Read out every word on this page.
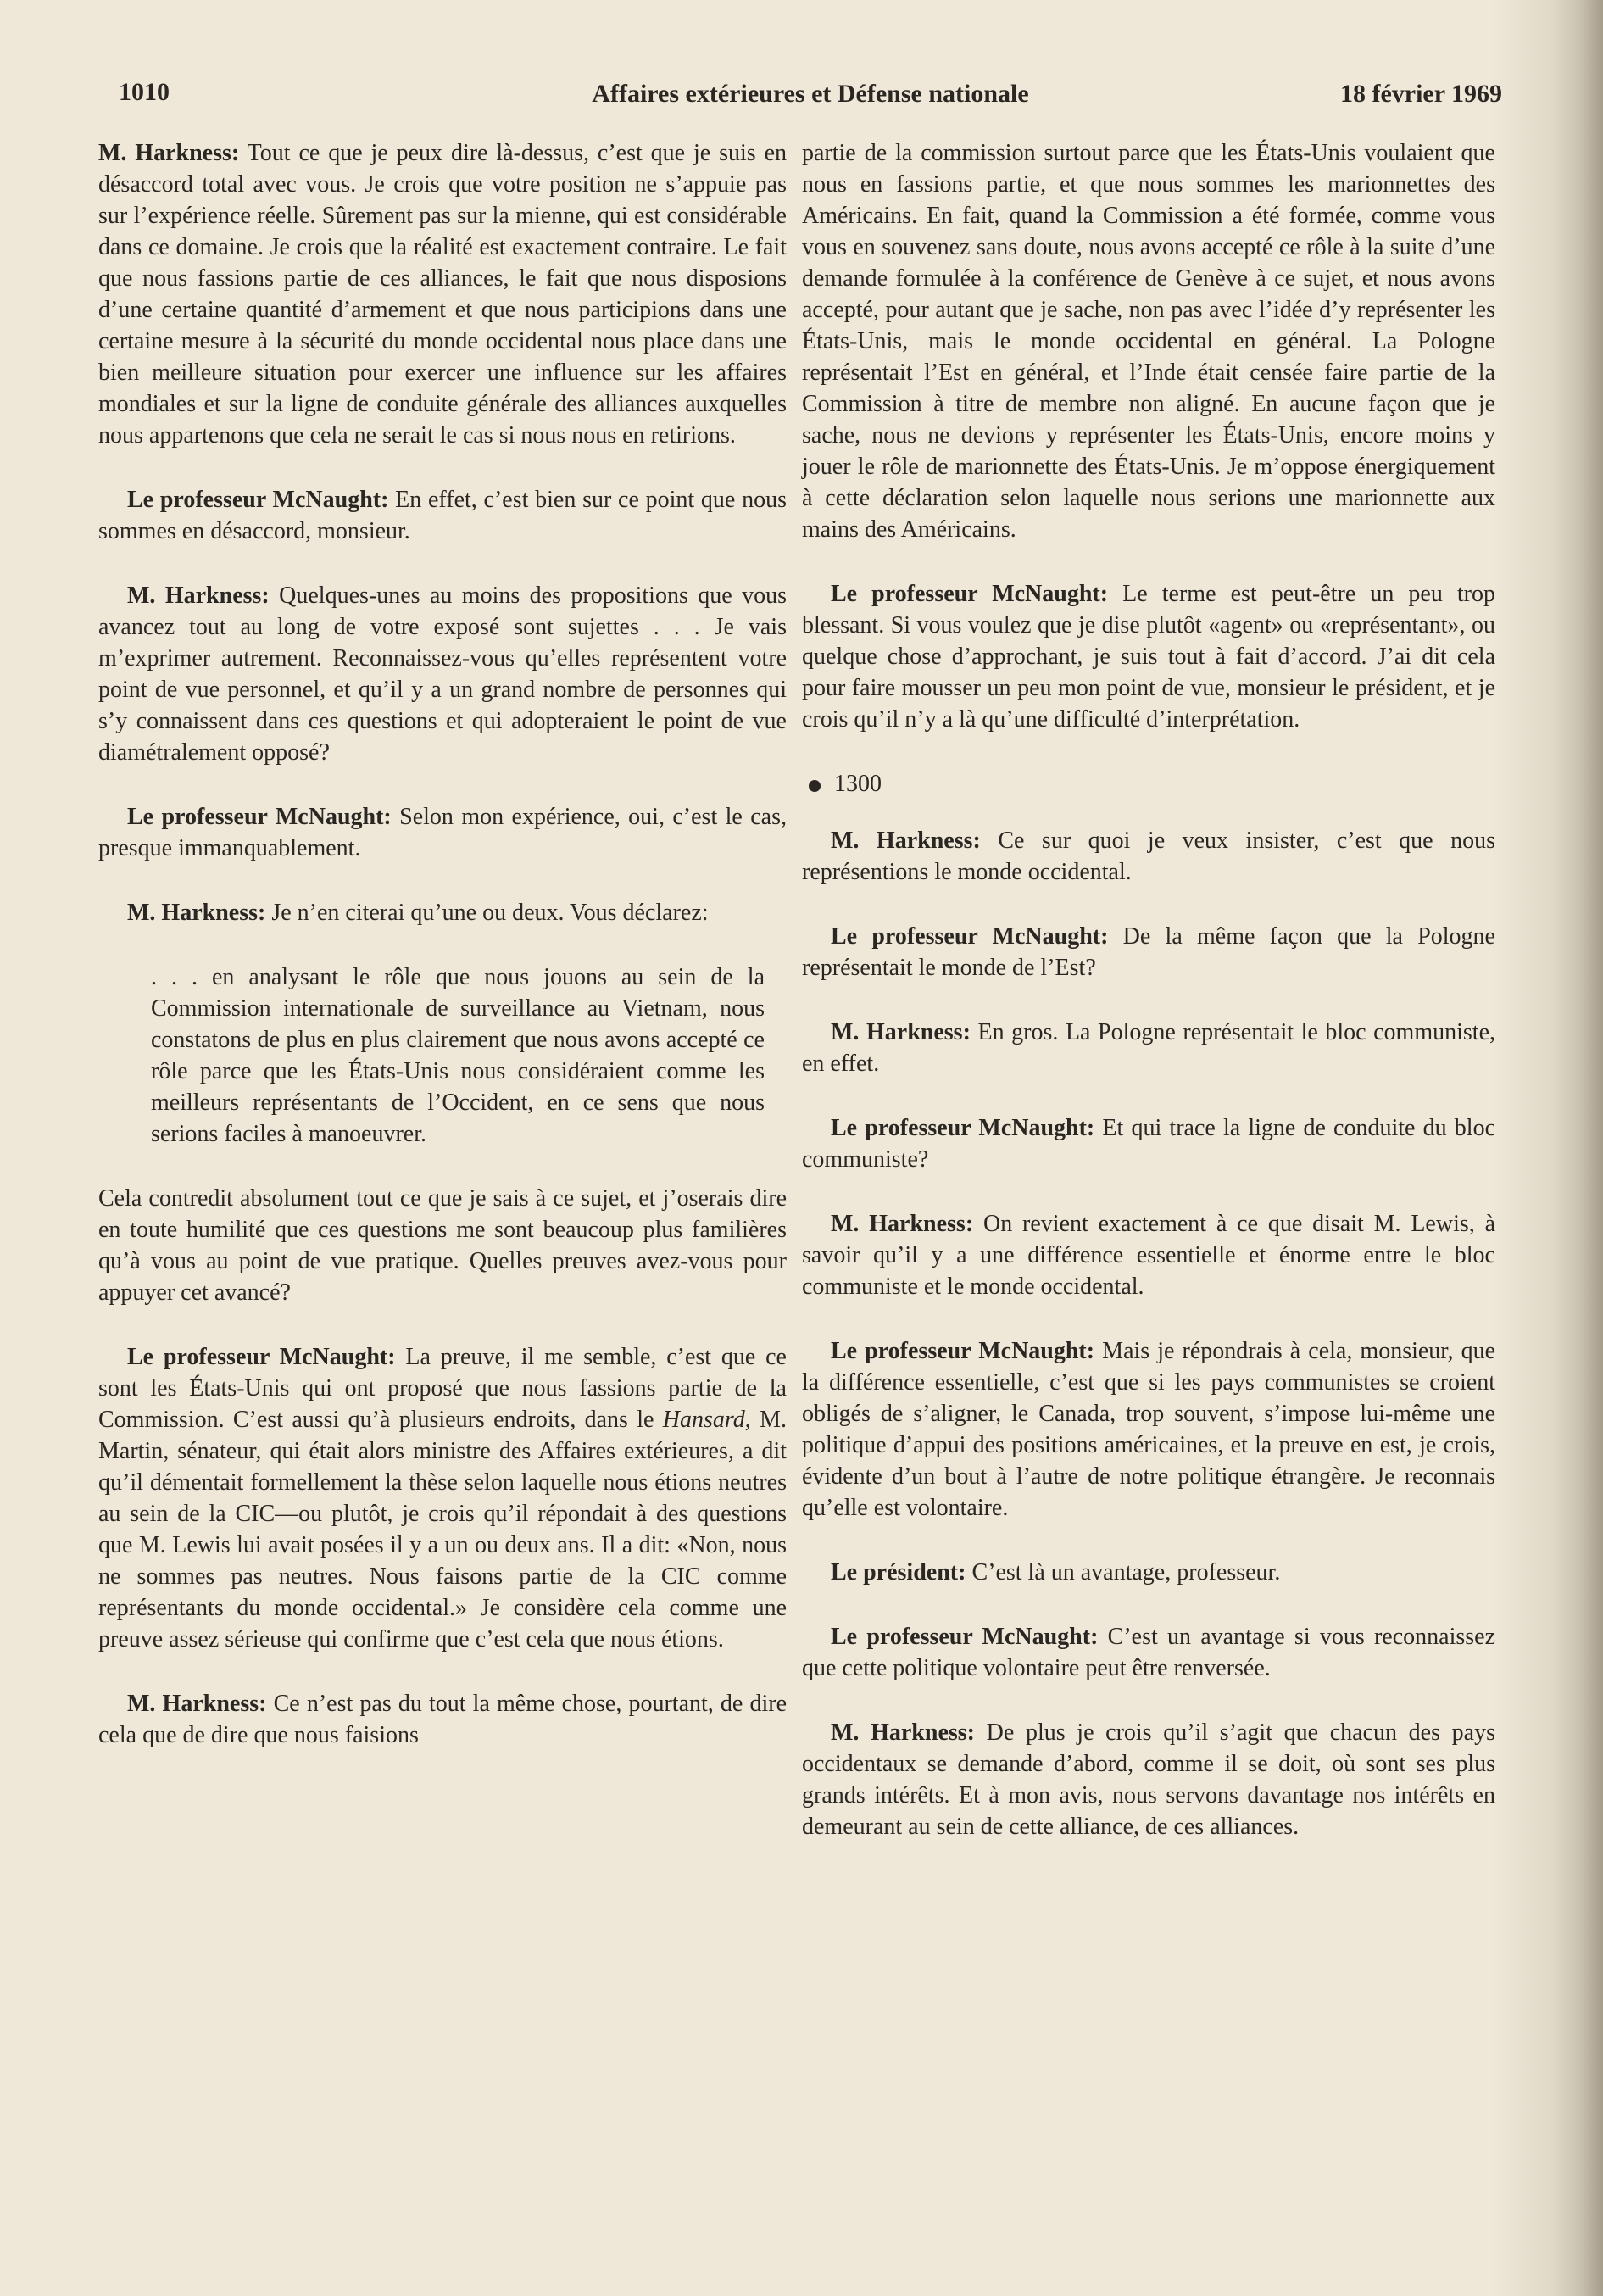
1010	Affaires extérieures et Défense nationale	18 février 1969

M. Harkness: Tout ce que je peux dire là-dessus, c’est que je suis en désaccord total avec vous. Je crois que votre position ne s’appuie pas sur l’expérience réelle. Sûrement pas sur la mienne, qui est considérable dans ce domaine. Je crois que la réalité est exactement contraire. Le fait que nous fassions partie de ces alliances, le fait que nous disposions d’une certaine quantité d’armement et que nous participions dans une certaine mesure à la sécurité du monde occidental nous place dans une bien meilleure situation pour exercer une influence sur les affaires mondiales et sur la ligne de conduite générale des alliances auxquelles nous appartenons que cela ne serait le cas si nous nous en retirions.

Le professeur McNaught: En effet, c’est bien sur ce point que nous sommes en désaccord, monsieur.

M. Harkness: Quelques-unes au moins des propositions que vous avancez tout au long de votre exposé sont sujettes . . . Je vais m’exprimer autrement. Reconnaissez-vous qu’elles représentent votre point de vue personnel, et qu’il y a un grand nombre de personnes qui s’y connaissent dans ces questions et qui adopteraient le point de vue diamétralement opposé?

Le professeur McNaught: Selon mon expérience, oui, c’est le cas, presque immanquablement.

M. Harkness: Je n’en citerai qu’une ou deux. Vous déclarez:

. . . en analysant le rôle que nous jouons au sein de la Commission internationale de surveillance au Vietnam, nous constatons de plus en plus clairement que nous avons accepté ce rôle parce que les États-Unis nous considéraient comme les meilleurs représentants de l’Occident, en ce sens que nous serions faciles à manoeuvrer.

Cela contredit absolument tout ce que je sais à ce sujet, et j’oserais dire en toute humilité que ces questions me sont beaucoup plus familières qu’à vous au point de vue pratique. Quelles preuves avez-vous pour appuyer cet avancé?

Le professeur McNaught: La preuve, il me semble, c’est que ce sont les États-Unis qui ont proposé que nous fassions partie de la Commission. C’est aussi qu’à plusieurs endroits, dans le Hansard, M. Martin, sénateur, qui était alors ministre des Affaires extérieures, a dit qu’il démentait formellement la thèse selon laquelle nous étions neutres au sein de la CIC—ou plutôt, je crois qu’il répondait à des questions que M. Lewis lui avait posées il y a un ou deux ans. Il a dit: «Non, nous ne sommes pas neutres. Nous faisons partie de la CIC comme représentants du monde occidental.» Je considère cela comme une preuve assez sérieuse qui confirme que c’est cela que nous étions.

M. Harkness: Ce n’est pas du tout la même chose, pourtant, de dire cela que de dire que nous faisions

partie de la commission surtout parce que les États-Unis voulaient que nous en fassions partie, et que nous sommes les marionnettes des Américains. En fait, quand la Commission a été formée, comme vous vous en souvenez sans doute, nous avons accepté ce rôle à la suite d’une demande formulée à la conférence de Genève à ce sujet, et nous avons accepté, pour autant que je sache, non pas avec l’idée d’y représenter les États-Unis, mais le monde occidental en général. La Pologne représentait l’Est en général, et l’Inde était censée faire partie de la Commission à titre de membre non aligné. En aucune façon que je sache, nous ne devions y représenter les États-Unis, encore moins y jouer le rôle de marionnette des États-Unis. Je m’oppose énergiquement à cette déclaration selon laquelle nous serions une marionnette aux mains des Américains.

Le professeur McNaught: Le terme est peut-être un peu trop blessant. Si vous voulez que je dise plutôt «agent» ou «représentant», ou quelque chose d’approchant, je suis tout à fait d’accord. J’ai dit cela pour faire mousser un peu mon point de vue, monsieur le président, et je crois qu’il n’y a là qu’une difficulté d’interprétation.

1300

M. Harkness: Ce sur quoi je veux insister, c’est que nous représentions le monde occidental.

Le professeur McNaught: De la même façon que la Pologne représentait le monde de l’Est?

M. Harkness: En gros. La Pologne représentait le bloc communiste, en effet.

Le professeur McNaught: Et qui trace la ligne de conduite du bloc communiste?

M. Harkness: On revient exactement à ce que disait M. Lewis, à savoir qu’il y a une différence essentielle et énorme entre le bloc communiste et le monde occidental.

Le professeur McNaught: Mais je répondrais à cela, monsieur, que la différence essentielle, c’est que si les pays communistes se croient obligés de s’aligner, le Canada, trop souvent, s’impose lui-même une politique d’appui des positions américaines, et la preuve en est, je crois, évidente d’un bout à l’autre de notre politique étrangère. Je reconnais qu’elle est volontaire.

Le président: C’est là un avantage, professeur.

Le professeur McNaught: C’est un avantage si vous reconnaissez que cette politique volontaire peut être renversée.

M. Harkness: De plus je crois qu’il s’agit que chacun des pays occidentaux se demande d’abord, comme il se doit, où sont ses plus grands intérêts. Et à mon avis, nous servons davantage nos intérêts en demeurant au sein de cette alliance, de ces alliances.
